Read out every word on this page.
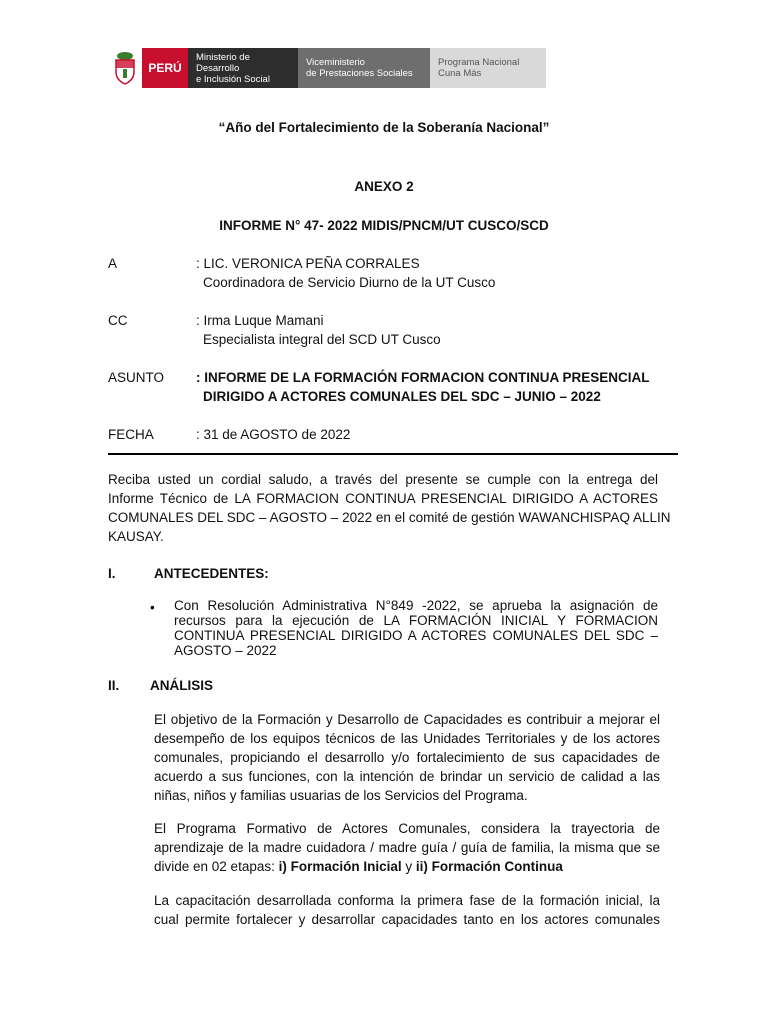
PERÚ
Ministerio de Desarrollo
e Inclusión Social
Viceministerio
de Prestaciones Sociales
Programa Nacional
Cuna Más
“Año del Fortalecimiento de la Soberanía Nacional”
ANEXO 2
INFORME N° 47- 2022 MIDIS/PNCM/UT CUSCO/SCD
A	: LIC. VERONICA PEÑA CORRALES
Coordinadora de Servicio Diurno de la UT Cusco
CC	: Irma Luque Mamani
Especialista integral del SCD UT Cusco
ASUNTO : INFORME DE LA FORMACIÓN FORMACION CONTINUA PRESENCIAL
DIRIGIDO A ACTORES COMUNALES DEL SDC – JUNIO – 2022
FECHA	: 31 de AGOSTO de 2022
Reciba usted un cordial saludo, a través del presente se cumple con la entrega del
Informe Técnico de LA FORMACION CONTINUA PRESENCIAL DIRIGIDO A ACTORES
COMUNALES DEL SDC – AGOSTO – 2022 en el comité de gestión WAWANCHISPAQ ALLIN
KAUSAY.
I.	ANTECEDENTES:
• Con Resolución Administrativa N°849 -2022, se aprueba la asignación de
recursos para la ejecución de LA FORMACIÓN INICIAL Y FORMACION
CONTINUA PRESENCIAL DIRIGIDO A ACTORES COMUNALES DEL SDC –
AGOSTO – 2022
II. ANÁLISIS
El objetivo de la Formación y Desarrollo de Capacidades es contribuir a mejorar el
desempeño de los equipos técnicos de las Unidades Territoriales y de los actores
comunales, propiciando el desarrollo y/o fortalecimiento de sus capacidades de
acuerdo a sus funciones, con la intención de brindar un servicio de calidad a las
niñas, niños y familias usuarias de los Servicios del Programa.
El Programa Formativo de Actores Comunales, considera la trayectoria de
aprendizaje de la madre cuidadora / madre guía / guía de familia, la misma que se
divide en 02 etapas: i) Formación Inicial y ii) Formación Continua
La capacitación desarrollada conforma la primera fase de la formación inicial, la
cual permite fortalecer y desarrollar capacidades tanto en los actores comunales
